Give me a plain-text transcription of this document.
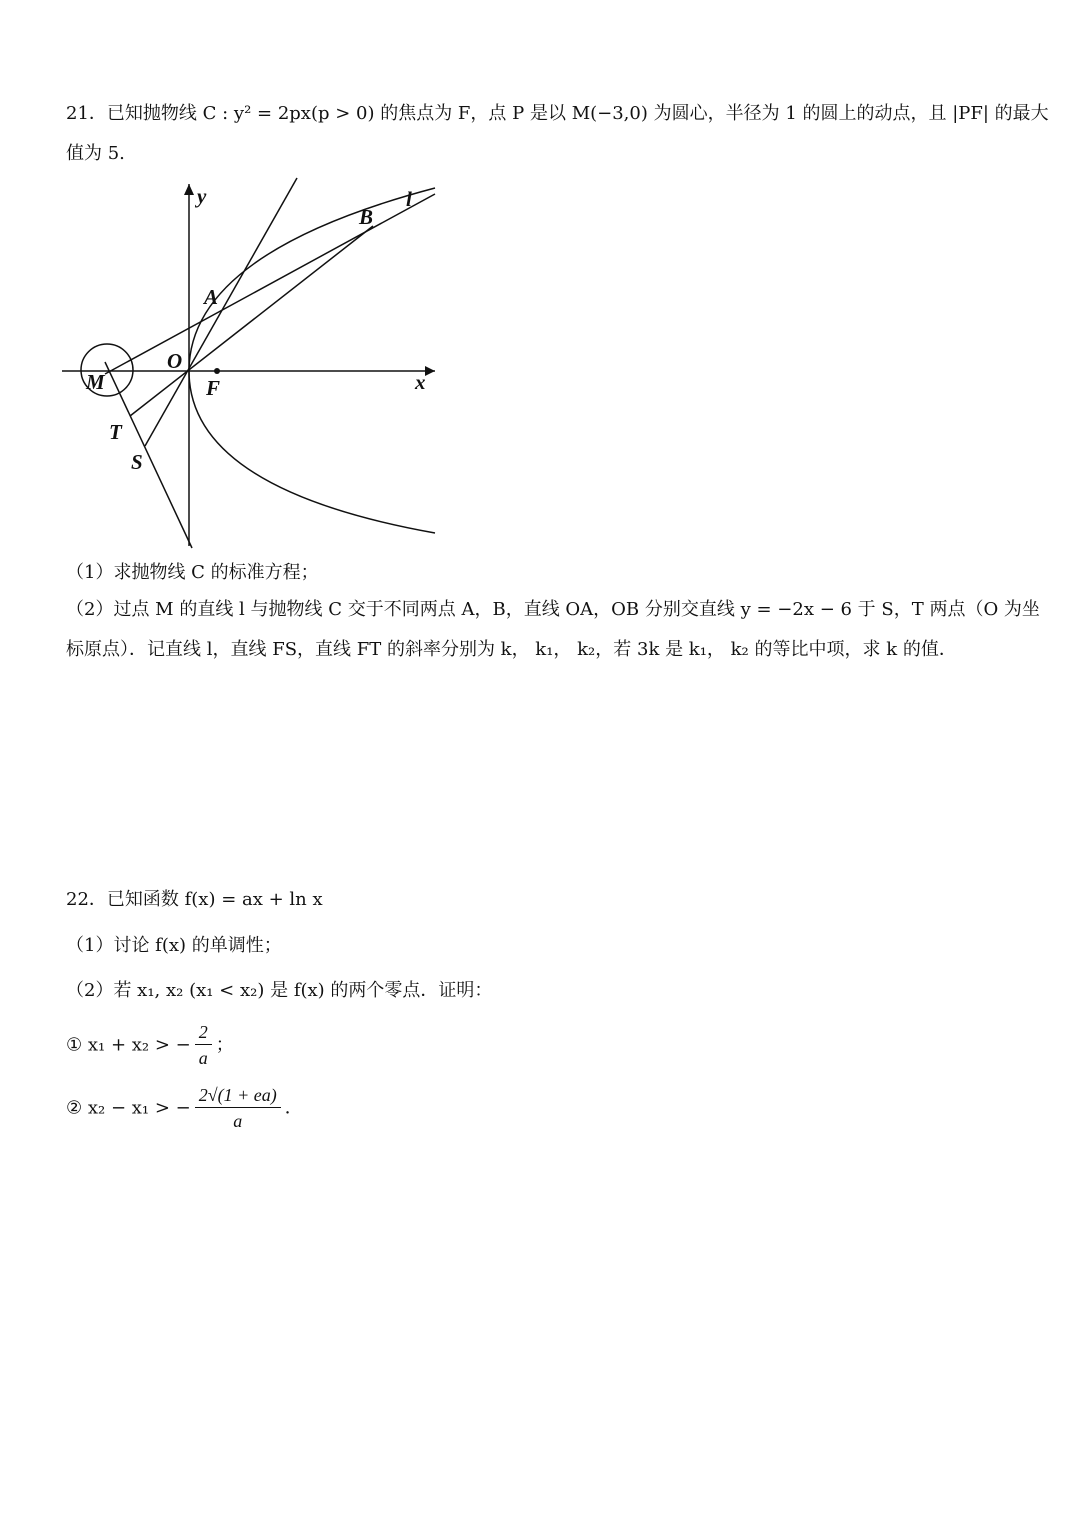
21．已知抛物线 C : y² = 2px(p > 0) 的焦点为 F，点 P 是以 M(−3,0) 为圆心，半径为 1 的圆上的动点，且 |PF| 的最大
值为 5.
y
x
O
F
M
A
B
l
T
S
（1）求抛物线 C 的标准方程；
（2）过点 M 的直线 l 与抛物线 C 交于不同两点 A，B，直线 OA，OB 分别交直线 y = −2x − 6 于 S，T 两点（O 为坐
标原点）．记直线 l，直线 FS，直线 FT 的斜率分别为 k， k₁， k₂，若 3k 是 k₁， k₂ 的等比中项，求 k 的值．
22．已知函数 f(x) = ax + ln x
（1）讨论 f(x) 的单调性；
（2）若 x₁, x₂ (x₁ < x₂) 是 f(x) 的两个零点．证明：
① x₁ + x₂ > − $\frac{2}{a}$ ；
② x₂ − x₁ > − $\frac{2√(1 + ea)}{a}$ ．
